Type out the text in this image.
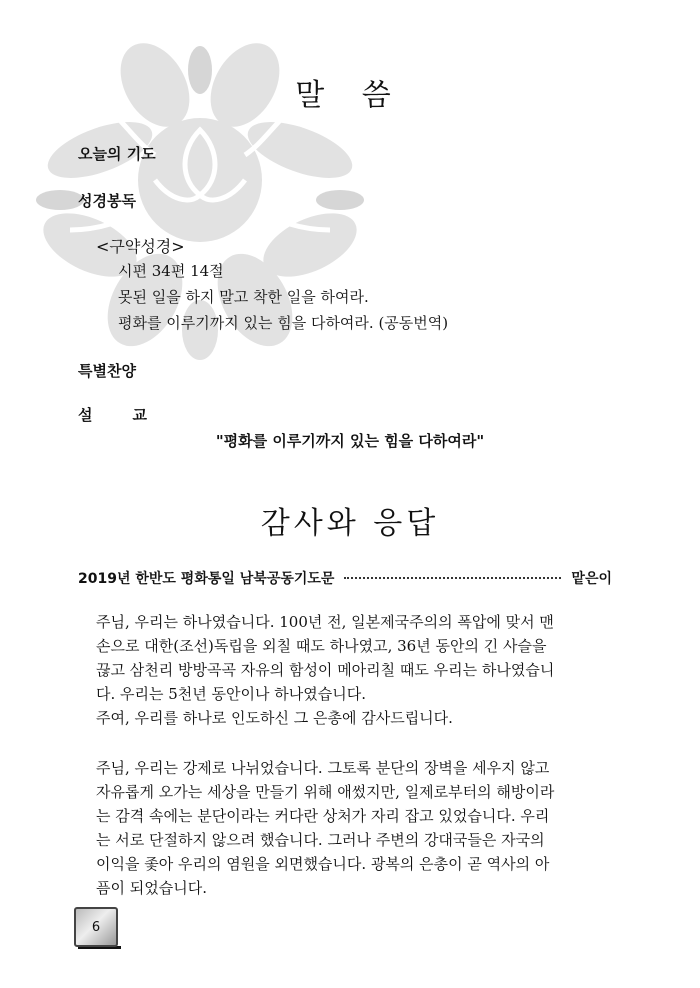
말 씀
오늘의 기도
성경봉독
<구약성경>
시편 34편 14절
못된 일을 하지 말고 착한 일을 하여라.
평화를 이루기까지 있는 힘을 다하여라. (공동번역)
특별찬양
설	교
"평화를 이루기까지 있는 힘을 다하여라"
감사와 응답
2019년 한반도 평화통일 남북공동기도문	맡은이

주님, 우리는 하나였습니다. 100년 전, 일본제국주의의 폭압에 맞서 맨
손으로 대한(조선)독립을 외칠 때도 하나였고, 36년 동안의 긴 사슬을
끊고 삼천리 방방곡곡 자유의 함성이 메아리칠 때도 우리는 하나였습니
다. 우리는 5천년 동안이나 하나였습니다.
주여, 우리를 하나로 인도하신 그 은총에 감사드립니다.

주님, 우리는 강제로 나뉘었습니다. 그토록 분단의 장벽을 세우지 않고
자유롭게 오가는 세상을 만들기 위해 애썼지만, 일제로부터의 해방이라
는 감격 속에는 분단이라는 커다란 상처가 자리 잡고 있었습니다. 우리
는 서로 단절하지 않으려 했습니다. 그러나 주변의 강대국들은 자국의
이익을 좇아 우리의 염원을 외면했습니다. 광복의 은총이 곧 역사의 아
픔이 되었습니다.

6
